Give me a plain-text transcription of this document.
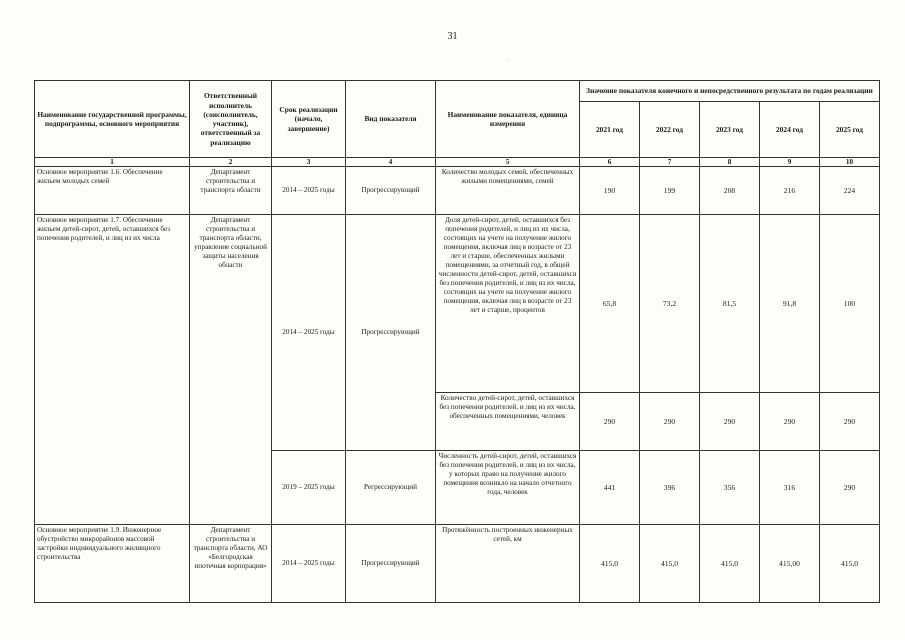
31
·
Наименование государственной программы, подпрограммы, основного мероприятия	Ответственный исполнитель (соисполнитель, участник), ответственный за реализацию	Срок реализации (начало, завершение)	Вид показателя	Наименование показателя, единица измерения	Значение показателя конечного и непосредственного результата по годам реализации				
					2021 год	2022 год	2023 год	2024 год	2025 год
1	2	3	4	5	6	7	8	9	10
Основное мероприятие 1.6. Обеспечение жильем молодых семей	Департамент строительства и транспорта области	2014 – 2025 годы	Прогрессирующий	Количество молодых семей, обеспеченных жилыми помещениями, семей	190	199	208	216	224
Основное мероприятие 1.7. Обеспечение жильем детей-сирот, детей, оставшихся без попечения родителей, и лиц из их числа	Департамент строительства и транспорта области, управление социальной защиты населения области	2014 – 2025 годы	Прогрессирующий	Доля детей-сирот, детей, оставшихся без попечения родителей, и лиц из их числа, состоящих на учете на получение жилого помещения, включая лиц в возрасте от 23 лет и старше, обеспеченных жилыми помещениями, за отчетный год, в общей численности детей-сирот, детей, оставшихся без попечения родителей, и лиц из их числа, состоящих на учете на получение жилого помещения, включая лиц в возрасте от 23 лет и старше, процентов	65,8	73,2	81,5	91,8	100
				Количество детей-сирот, детей, оставшихся без попечения родителей, и лиц из их числа, обеспеченных помещениями, человек	290	290	290	290	290
		2019 – 2025 годы	Регрессирующий	Численность детей-сирот, детей, оставшихся без попечения родителей, и лиц из их числа, у которых право на получение жилого помещения возникло на начало отчетного года, человек	441	396	356	316	290
Основное мероприятие 1.9. Инженерное обустройство микрорайонов массовой застройки индивидуального жилищного строительства	Департамент строительства и транспорта области, АО «Белгородская ипотечная корпорация»	2014 – 2025 годы	Прогрессирующий	Протяжённость построенных инженерных сетей, км	415,0	415,0	415,0	415,00	415,0
